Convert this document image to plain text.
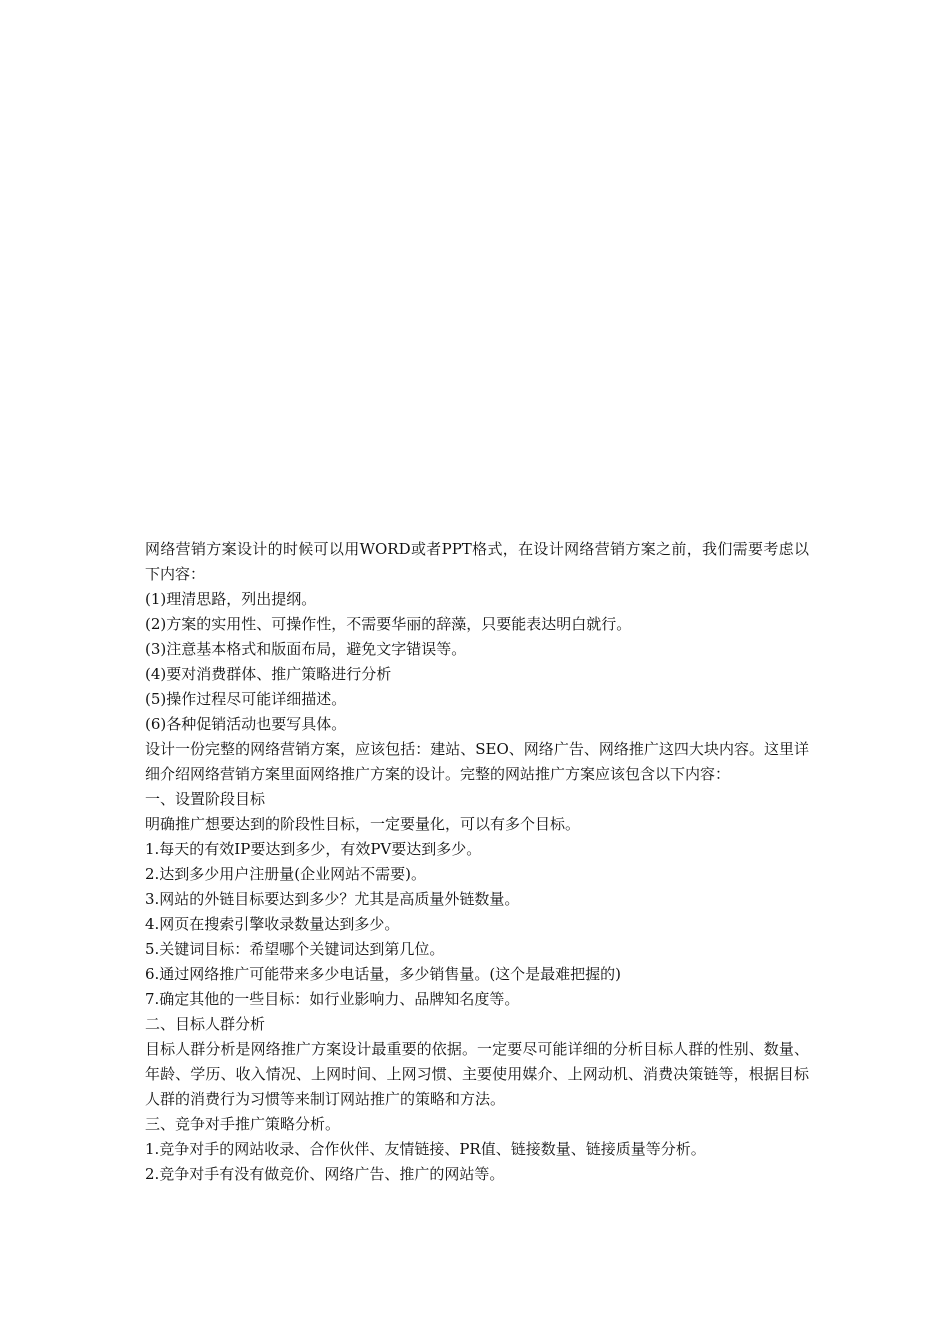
网络营销方案设计的时候可以用WORD或者PPT格式，在设计网络营销方案之前，我们需要考虑以下内容：

(1)理清思路，列出提纲。

(2)方案的实用性、可操作性，不需要华丽的辞藻，只要能表达明白就行。

(3)注意基本格式和版面布局，避免文字错误等。

(4)要对消费群体、推广策略进行分析

(5)操作过程尽可能详细描述。

(6)各种促销活动也要写具体。

设计一份完整的网络营销方案，应该包括：建站、SEO、网络广告、网络推广这四大块内容。这里详细介绍网络营销方案里面网络推广方案的设计。完整的网站推广方案应该包含以下内容：

一、设置阶段目标

明确推广想要达到的阶段性目标，一定要量化，可以有多个目标。

1.每天的有效IP要达到多少，有效PV要达到多少。

2.达到多少用户注册量(企业网站不需要)。

3.网站的外链目标要达到多少？尤其是高质量外链数量。

4.网页在搜索引擎收录数量达到多少。

5.关键词目标：希望哪个关键词达到第几位。

6.通过网络推广可能带来多少电话量，多少销售量。(这个是最难把握的)

7.确定其他的一些目标：如行业影响力、品牌知名度等。

二、目标人群分析

目标人群分析是网络推广方案设计最重要的依据。一定要尽可能详细的分析目标人群的性别、数量、年龄、学历、收入情况、上网时间、上网习惯、主要使用媒介、上网动机、消费决策链等，根据目标人群的消费行为习惯等来制订网站推广的策略和方法。

三、竞争对手推广策略分析。

1.竞争对手的网站收录、合作伙伴、友情链接、PR值、链接数量、链接质量等分析。

2.竞争对手有没有做竞价、网络广告、推广的网站等。
